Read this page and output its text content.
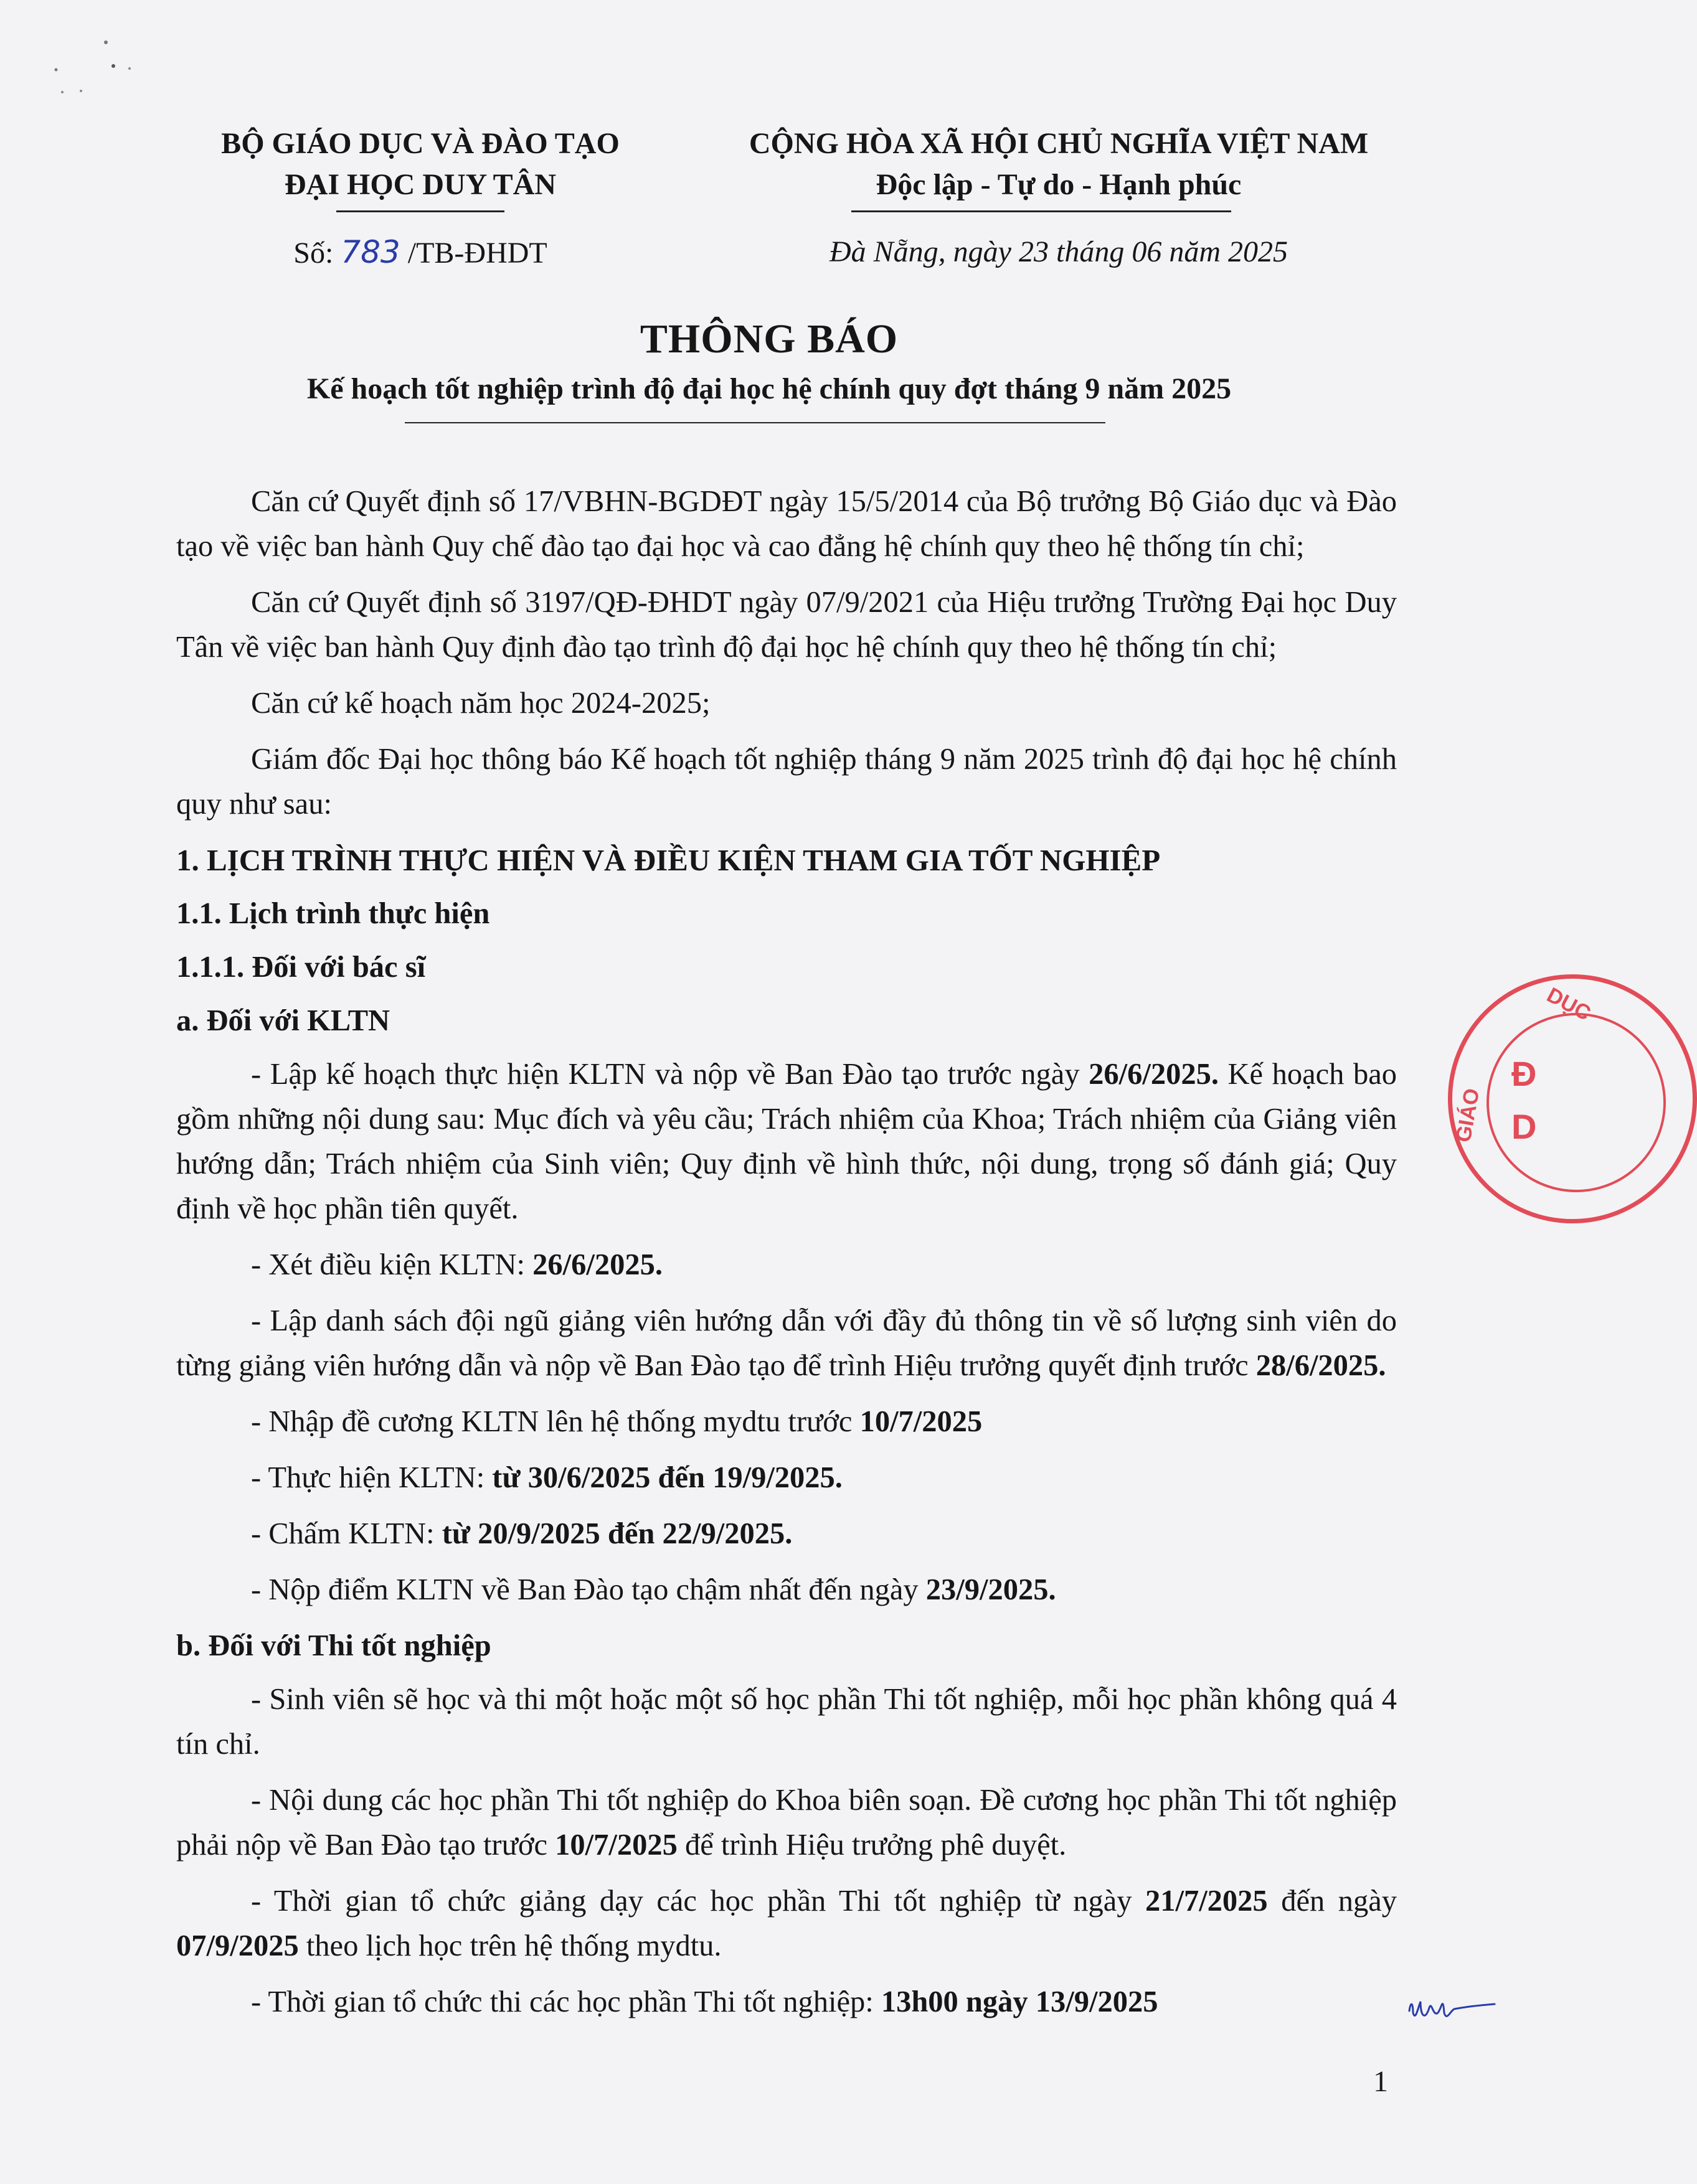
BỘ GIÁO DỤC VÀ ĐÀO TẠO
ĐẠI HỌC DUY TÂN
CỘNG HÒA XÃ HỘI CHỦ NGHĨA VIỆT NAM
Độc lập - Tự do - Hạnh phúc
Số: 783 /TB-ĐHDT	Đà Nẵng, ngày 23 tháng 06 năm 2025
THÔNG BÁO
Kế hoạch tốt nghiệp trình độ đại học hệ chính quy đợt tháng 9 năm 2025

Căn cứ Quyết định số 17/VBHN-BGDĐT ngày 15/5/2014 của Bộ trưởng Bộ Giáo dục và Đào tạo về việc ban hành Quy chế đào tạo đại học và cao đẳng hệ chính quy theo hệ thống tín chỉ;

Căn cứ Quyết định số 3197/QĐ-ĐHDT ngày 07/9/2021 của Hiệu trưởng Trường Đại học Duy Tân về việc ban hành Quy định đào tạo trình độ đại học hệ chính quy theo hệ thống tín chỉ;

Căn cứ kế hoạch năm học 2024-2025;

Giám đốc Đại học thông báo Kế hoạch tốt nghiệp tháng 9 năm 2025 trình độ đại học hệ chính quy như sau:

1. LỊCH TRÌNH THỰC HIỆN VÀ ĐIỀU KIỆN THAM GIA TỐT NGHIỆP

1.1. Lịch trình thực hiện

1.1.1. Đối với bác sĩ

a. Đối với KLTN

- Lập kế hoạch thực hiện KLTN và nộp về Ban Đào tạo trước ngày 26/6/2025. Kế hoạch bao gồm những nội dung sau: Mục đích và yêu cầu; Trách nhiệm của Khoa; Trách nhiệm của Giảng viên hướng dẫn; Trách nhiệm của Sinh viên; Quy định về hình thức, nội dung, trọng số đánh giá; Quy định về học phần tiên quyết.

- Xét điều kiện KLTN: 26/6/2025.

- Lập danh sách đội ngũ giảng viên hướng dẫn với đầy đủ thông tin về số lượng sinh viên do từng giảng viên hướng dẫn và nộp về Ban Đào tạo để trình Hiệu trưởng quyết định trước 28/6/2025.

- Nhập đề cương KLTN lên hệ thống mydtu trước 10/7/2025

- Thực hiện KLTN: từ 30/6/2025 đến 19/9/2025.

- Chấm KLTN: từ 20/9/2025 đến 22/9/2025.

- Nộp điểm KLTN về Ban Đào tạo chậm nhất đến ngày 23/9/2025.

b. Đối với Thi tốt nghiệp

- Sinh viên sẽ học và thi một hoặc một số học phần Thi tốt nghiệp, mỗi học phần không quá 4 tín chỉ.

- Nội dung các học phần Thi tốt nghiệp do Khoa biên soạn. Đề cương học phần Thi tốt nghiệp phải nộp về Ban Đào tạo trước 10/7/2025 để trình Hiệu trưởng phê duyệt.

- Thời gian tổ chức giảng dạy các học phần Thi tốt nghiệp từ ngày 21/7/2025 đến ngày 07/9/2025 theo lịch học trên hệ thống mydtu.

- Thời gian tổ chức thi các học phần Thi tốt nghiệp: 13h00 ngày 13/9/2025

DỤC
GIÁO
Đ
D
1
